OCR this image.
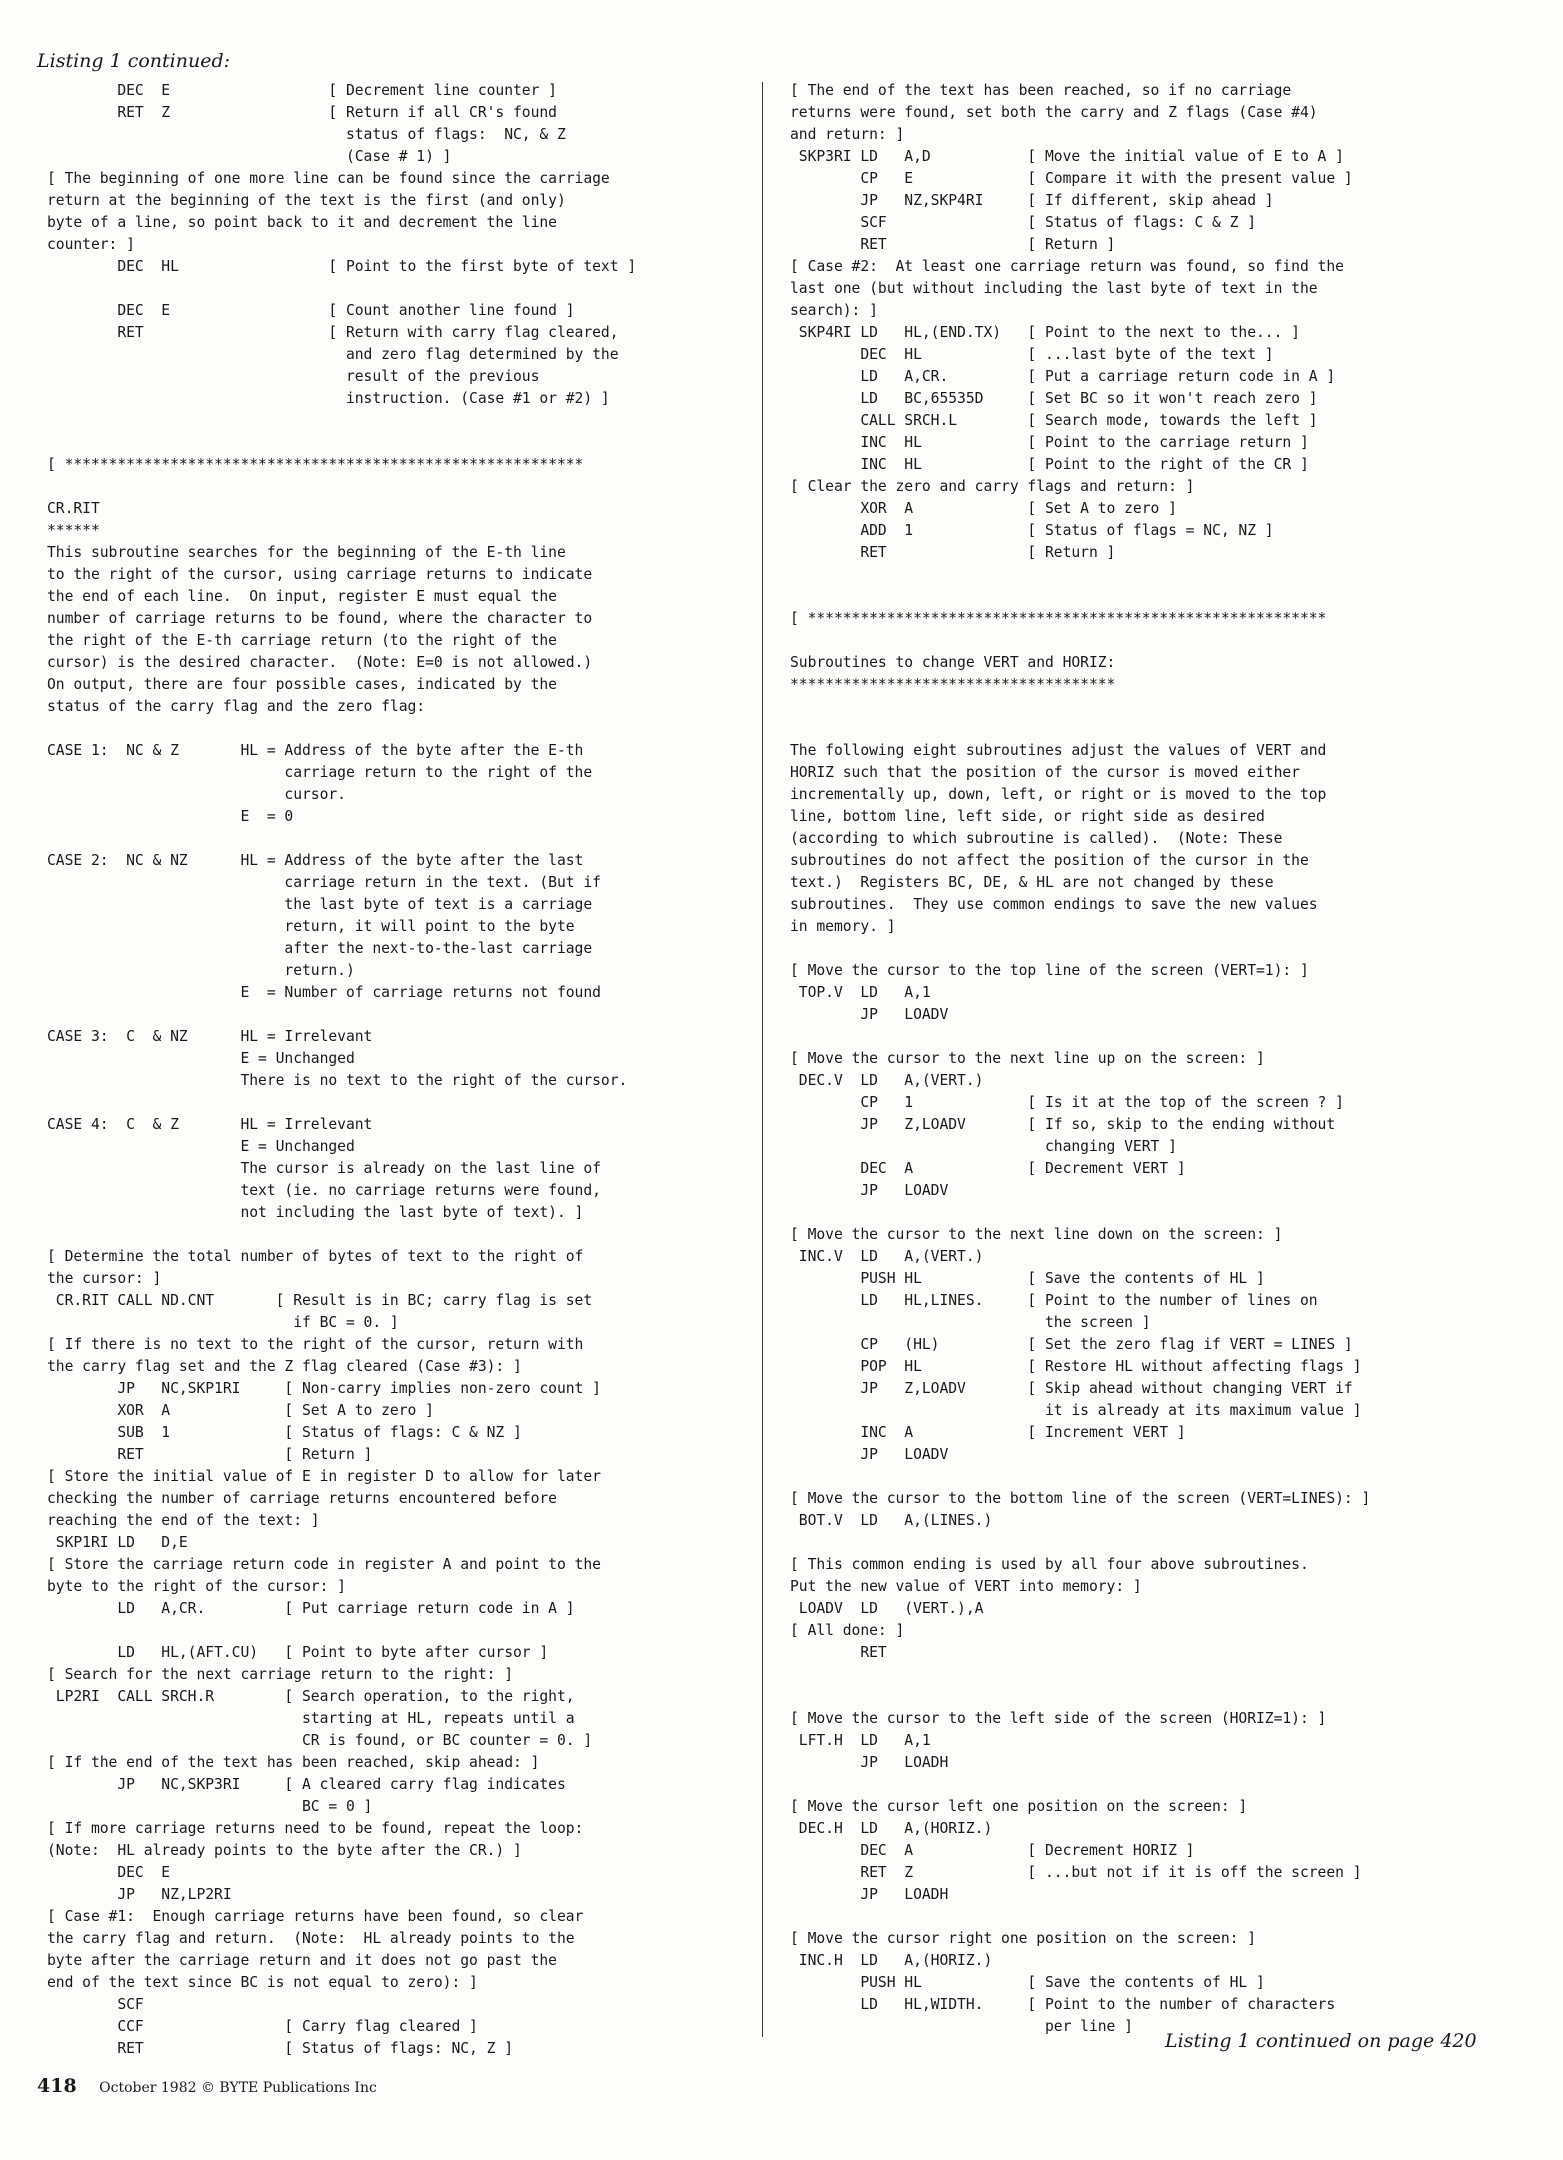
Listing 1 continued:
DEC  E                  [ Decrement line counter ]
RET  Z                  [ Return if all CR's found
status of flags:  NC, & Z
(Case # 1) ]
[ The beginning of one more line can be found since the carriage
return at the beginning of the text is the first (and only)
byte of a line, so point back to it and decrement the line
counter: ]
DEC  HL                 [ Point to the first byte of text ]

DEC  E                  [ Count another line found ]
RET                     [ Return with carry flag cleared,
and zero flag determined by the
result of the previous
instruction. (Case #1 or #2) ]

[ ***********************************************************

CR.RIT
******
This subroutine searches for the beginning of the E-th line
to the right of the cursor, using carriage returns to indicate
the end of each line.  On input, register E must equal the
number of carriage returns to be found, where the character to
the right of the E-th carriage return (to the right of the
cursor) is the desired character.  (Note: E=0 is not allowed.)
On output, there are four possible cases, indicated by the
status of the carry flag and the zero flag:

CASE 1:  NC & Z       HL = Address of the byte after the E-th
carriage return to the right of the
cursor.
E  = 0

CASE 2:  NC & NZ      HL = Address of the byte after the last
carriage return in the text. (But if
the last byte of text is a carriage
return, it will point to the byte
after the next-to-the-last carriage
return.)
E  = Number of carriage returns not found

CASE 3:  C  & NZ      HL = Irrelevant
E = Unchanged
There is no text to the right of the cursor.

CASE 4:  C  & Z       HL = Irrelevant
E = Unchanged
The cursor is already on the last line of
text (ie. no carriage returns were found,
not including the last byte of text). ]

[ Determine the total number of bytes of text to the right of
the cursor: ]
CR.RIT CALL ND.CNT       [ Result is in BC; carry flag is set
if BC = 0. ]
[ If there is no text to the right of the cursor, return with
the carry flag set and the Z flag cleared (Case #3): ]
JP   NC,SKP1RI     [ Non-carry implies non-zero count ]
XOR  A             [ Set A to zero ]
SUB  1             [ Status of flags: C & NZ ]
RET                [ Return ]
[ Store the initial value of E in register D to allow for later
checking the number of carriage returns encountered before
reaching the end of the text: ]
SKP1RI LD   D,E
[ Store the carriage return code in register A and point to the
byte to the right of the cursor: ]
LD   A,CR.         [ Put carriage return code in A ]

LD   HL,(AFT.CU)   [ Point to byte after cursor ]
[ Search for the next carriage return to the right: ]
LP2RI  CALL SRCH.R        [ Search operation, to the right,
starting at HL, repeats until a
CR is found, or BC counter = 0. ]
[ If the end of the text has been reached, skip ahead: ]
JP   NC,SKP3RI     [ A cleared carry flag indicates
BC = 0 ]
[ If more carriage returns need to be found, repeat the loop:
(Note:  HL already points to the byte after the CR.) ]
DEC  E
JP   NZ,LP2RI
[ Case #1:  Enough carriage returns have been found, so clear
the carry flag and return.  (Note:  HL already points to the
byte after the carriage return and it does not go past the
end of the text since BC is not equal to zero): ]
SCF
CCF                [ Carry flag cleared ]
RET                [ Status of flags: NC, Z ]
[ The end of the text has been reached, so if no carriage
returns were found, set both the carry and Z flags (Case #4)
and return: ]
SKP3RI LD   A,D           [ Move the initial value of E to A ]
CP   E             [ Compare it with the present value ]
JP   NZ,SKP4RI     [ If different, skip ahead ]
SCF                [ Status of flags: C & Z ]
RET                [ Return ]
[ Case #2:  At least one carriage return was found, so find the
last one (but without including the last byte of text in the
search): ]
SKP4RI LD   HL,(END.TX)   [ Point to the next to the... ]
DEC  HL            [ ...last byte of the text ]
LD   A,CR.         [ Put a carriage return code in A ]
LD   BC,65535D     [ Set BC so it won't reach zero ]
CALL SRCH.L        [ Search mode, towards the left ]
INC  HL            [ Point to the carriage return ]
INC  HL            [ Point to the right of the CR ]
[ Clear the zero and carry flags and return: ]
XOR  A             [ Set A to zero ]
ADD  1             [ Status of flags = NC, NZ ]
RET                [ Return ]

[ ***********************************************************

Subroutines to change VERT and HORIZ:
*************************************

The following eight subroutines adjust the values of VERT and
HORIZ such that the position of the cursor is moved either
incrementally up, down, left, or right or is moved to the top
line, bottom line, left side, or right side as desired
(according to which subroutine is called).  (Note: These
subroutines do not affect the position of the cursor in the
text.)  Registers BC, DE, & HL are not changed by these
subroutines.  They use common endings to save the new values
in memory. ]

[ Move the cursor to the top line of the screen (VERT=1): ]
TOP.V  LD   A,1
JP   LOADV

[ Move the cursor to the next line up on the screen: ]
DEC.V  LD   A,(VERT.)
CP   1             [ Is it at the top of the screen ? ]
JP   Z,LOADV       [ If so, skip to the ending without
changing VERT ]
DEC  A             [ Decrement VERT ]
JP   LOADV

[ Move the cursor to the next line down on the screen: ]
INC.V  LD   A,(VERT.)
PUSH HL            [ Save the contents of HL ]
LD   HL,LINES.     [ Point to the number of lines on
the screen ]
CP   (HL)          [ Set the zero flag if VERT = LINES ]
POP  HL            [ Restore HL without affecting flags ]
JP   Z,LOADV       [ Skip ahead without changing VERT if
it is already at its maximum value ]
INC  A             [ Increment VERT ]
JP   LOADV

[ Move the cursor to the bottom line of the screen (VERT=LINES): ]
BOT.V  LD   A,(LINES.)

[ This common ending is used by all four above subroutines.
Put the new value of VERT into memory: ]
LOADV  LD   (VERT.),A
[ All done: ]
RET

[ Move the cursor to the left side of the screen (HORIZ=1): ]
LFT.H  LD   A,1
JP   LOADH

[ Move the cursor left one position on the screen: ]
DEC.H  LD   A,(HORIZ.)
DEC  A             [ Decrement HORIZ ]
RET  Z             [ ...but not if it is off the screen ]
JP   LOADH

[ Move the cursor right one position on the screen: ]
INC.H  LD   A,(HORIZ.)
PUSH HL            [ Save the contents of HL ]
LD   HL,WIDTH.     [ Point to the number of characters
per line ]
Listing 1 continued on page 420
418 October 1982 © BYTE Publications Inc
